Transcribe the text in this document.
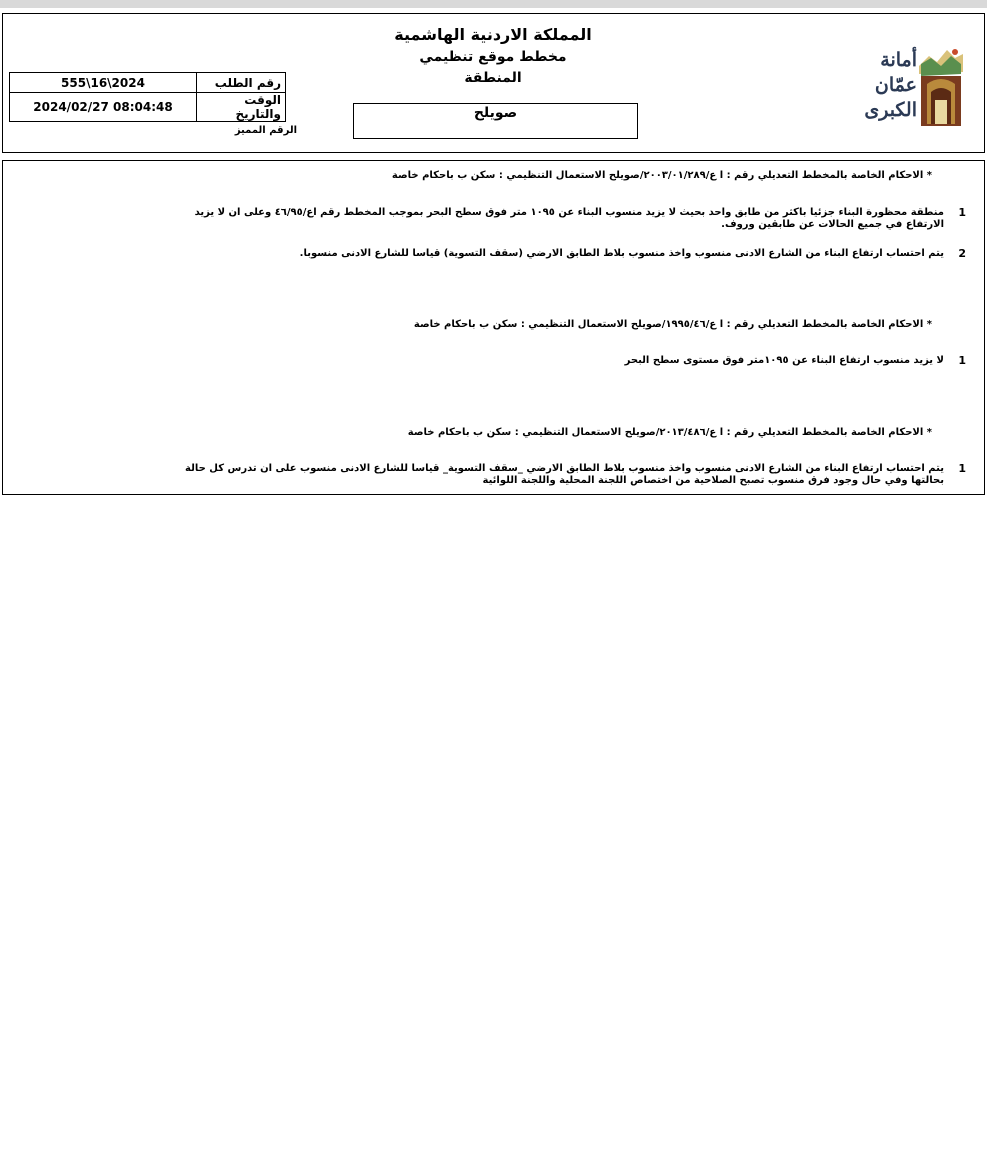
المملكة الاردنية الهاشمية
مخطط موقع تنظيمي
المنطقة
صويلح
555\16\2024	رقم الطلب
2024/02/27 08:04:48	الوقت والتاريخ
الرقم المميز
أمانة
عمّان
الكبرى
* الاحكام الخاصة بالمخطط التعديلي رقم : ا ع/٢٠٠٣/٠١/٢٨٩/صويلح الاستعمال التنظيمي : سكن ب باحكام خاصة
1
منطقة محظورة البناء جزئيا باكثر من طابق واحد بحيث لا يزيد منسوب البناء عن ١٠٩٥ متر فوق سطح البحر بموجب المخطط رقم اع/٤٦/٩٥ وعلى ان لا يزيد الارتفاع في جميع الحالات عن طابقين وروف.
2
يتم احتساب ارتفاع البناء من الشارع الادنى منسوب واخذ منسوب بلاط الطابق الارضي (سقف التسوية) قياسا للشارع الادنى منسوبا.
* الاحكام الخاصة بالمخطط التعديلي رقم : ا ع/١٩٩٥/٤٦/صويلح الاستعمال التنظيمي : سكن ب باحكام خاصة
1
لا يزيد منسوب ارتفاع البناء عن ١٠٩٥متر فوق مستوى سطح البحر
* الاحكام الخاصة بالمخطط التعديلي رقم : ا ع/٢٠١٣/٤٨٦/صويلح الاستعمال التنظيمي : سكن ب باحكام خاصة
1
يتم احتساب ارتفاع البناء من الشارع الادنى منسوب واخذ منسوب بلاط الطابق الارضي _سقف التسوية_ قياسا للشارع الادنى منسوب على ان تدرس كل حالة بحالتها وفي حال وجود فرق منسوب تصبح الصلاحية من اختصاص اللجنة المحلية واللجنة اللوائية
